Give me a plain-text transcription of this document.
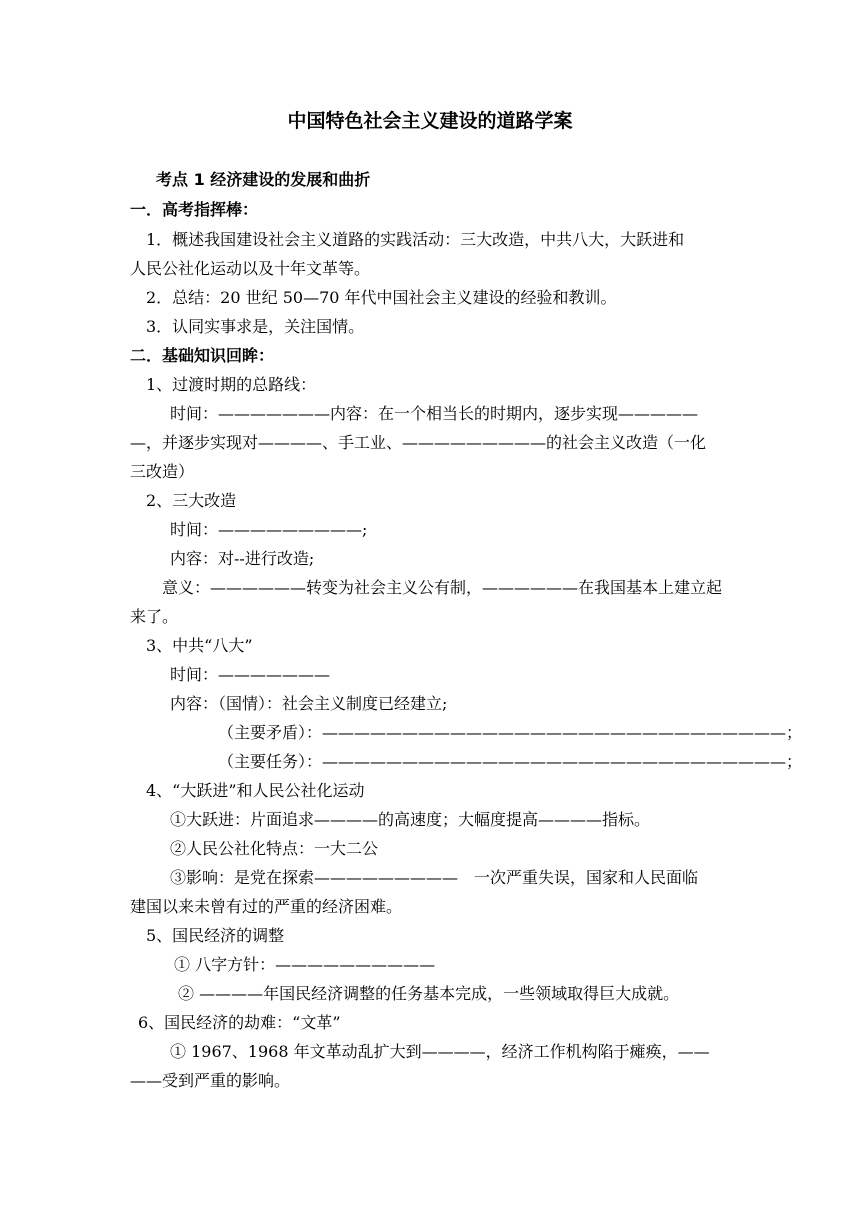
中国特色社会主义建设的道路学案
考点 1 经济建设的发展和曲折
一．高考指挥棒：
1．概述我国建设社会主义道路的实践活动：三大改造，中共八大，大跃进和
人民公社化运动以及十年文革等。
2．总结：20 世纪 50—70 年代中国社会主义建设的经验和教训。
3．认同实事求是，关注国情。
二．基础知识回眸：
1、过渡时期的总路线：
时间：———————内容：在一个相当长的时期内，逐步实现—————
—，并逐步实现对————、手工业、—————————的社会主义改造（一化
三改造）
2、三大改造
时间：—————————;
内容：对--进行改造;
意义：——————转变为社会主义公有制，——————在我国基本上建立起
来了。
3、中共“八大”
时间：———————
内容：（国情）：社会主义制度已经建立;
（主要矛盾）：—————————————————————————————；
（主要任务）：—————————————————————————————；
4、“大跃进”和人民公社化运动
①大跃进：片面追求————的高速度；大幅度提高————指标。
②人民公社化特点：一大二公
③影响：是党在探索—————————　一次严重失误，国家和人民面临
建国以来未曾有过的严重的经济困难。
5、国民经济的调整
① 八字方针：——————————
② ————年国民经济调整的任务基本完成，一些领域取得巨大成就。
6、国民经济的劫难：“文革”
① 1967、1968 年文革动乱扩大到————，经济工作机构陷于瘫痪，——
——受到严重的影响。
